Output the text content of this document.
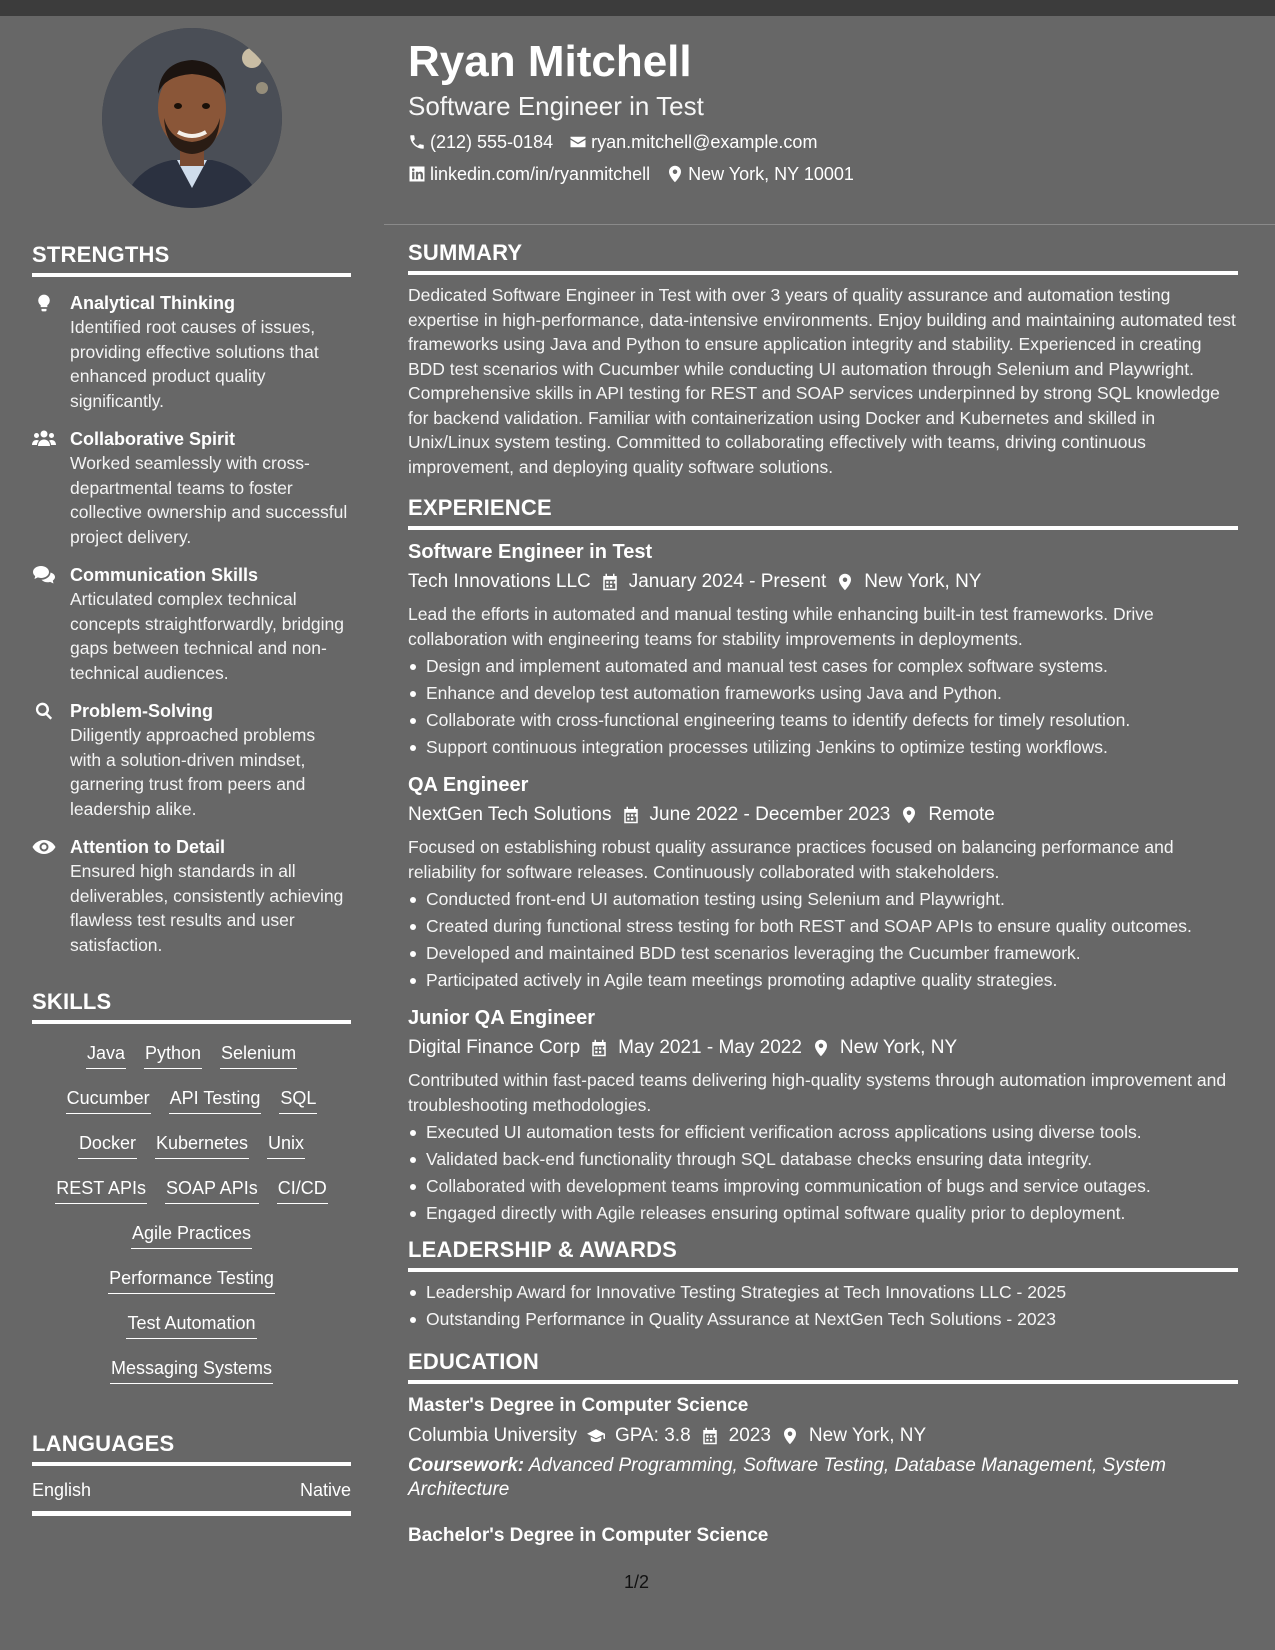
STRENGTHS
Analytical Thinking
Identified root causes of issues, providing effective solutions that enhanced product quality significantly.
Collaborative Spirit
Worked seamlessly with cross-departmental teams to foster collective ownership and successful project delivery.
Communication Skills
Articulated complex technical concepts straightforwardly, bridging gaps between technical and non-technical audiences.
Problem-Solving
Diligently approached problems with a solution-driven mindset, garnering trust from peers and leadership alike.
Attention to Detail
Ensured high standards in all deliverables, consistently achieving flawless test results and user satisfaction.
SKILLS
Java Python Selenium
Cucumber API Testing SQL
Docker Kubernetes Unix
REST APIs SOAP APIs CI/CD
Agile Practices
Performance Testing
Test Automation
Messaging Systems
LANGUAGES
English	Native
Ryan Mitchell
Software Engineer in Test
(212) 555-0184 ryan.mitchell@example.com
linkedin.com/in/ryanmitchell New York, NY 10001
SUMMARY
Dedicated Software Engineer in Test with over 3 years of quality assurance and automation testing expertise in high-performance, data-intensive environments. Enjoy building and maintaining automated test frameworks using Java and Python to ensure application integrity and stability. Experienced in creating BDD test scenarios with Cucumber while conducting UI automation through Selenium and Playwright. Comprehensive skills in API testing for REST and SOAP services underpinned by strong SQL knowledge for backend validation. Familiar with containerization using Docker and Kubernetes and skilled in Unix/Linux system testing. Committed to collaborating effectively with teams, driving continuous improvement, and deploying quality software solutions.
EXPERIENCE
Software Engineer in Test
Tech Innovations LLC January 2024 - Present New York, NY
Lead the efforts in automated and manual testing while enhancing built-in test frameworks. Drive collaboration with engineering teams for stability improvements in deployments.
Design and implement automated and manual test cases for complex software systems.
Enhance and develop test automation frameworks using Java and Python.
Collaborate with cross-functional engineering teams to identify defects for timely resolution.
Support continuous integration processes utilizing Jenkins to optimize testing workflows.
QA Engineer
NextGen Tech Solutions June 2022 - December 2023 Remote
Focused on establishing robust quality assurance practices focused on balancing performance and reliability for software releases. Continuously collaborated with stakeholders.
Conducted front-end UI automation testing using Selenium and Playwright.
Created during functional stress testing for both REST and SOAP APIs to ensure quality outcomes.
Developed and maintained BDD test scenarios leveraging the Cucumber framework.
Participated actively in Agile team meetings promoting adaptive quality strategies.
Junior QA Engineer
Digital Finance Corp May 2021 - May 2022 New York, NY
Contributed within fast-paced teams delivering high-quality systems through automation improvement and troubleshooting methodologies.
Executed UI automation tests for efficient verification across applications using diverse tools.
Validated back-end functionality through SQL database checks ensuring data integrity.
Collaborated with development teams improving communication of bugs and service outages.
Engaged directly with Agile releases ensuring optimal software quality prior to deployment.
LEADERSHIP & AWARDS
Leadership Award for Innovative Testing Strategies at Tech Innovations LLC - 2025
Outstanding Performance in Quality Assurance at NextGen Tech Solutions - 2023
EDUCATION
Master's Degree in Computer Science
Columbia University GPA: 3.8 2023 New York, NY
Coursework: Advanced Programming, Software Testing, Database Management, System Architecture
Bachelor's Degree in Computer Science
1/2
